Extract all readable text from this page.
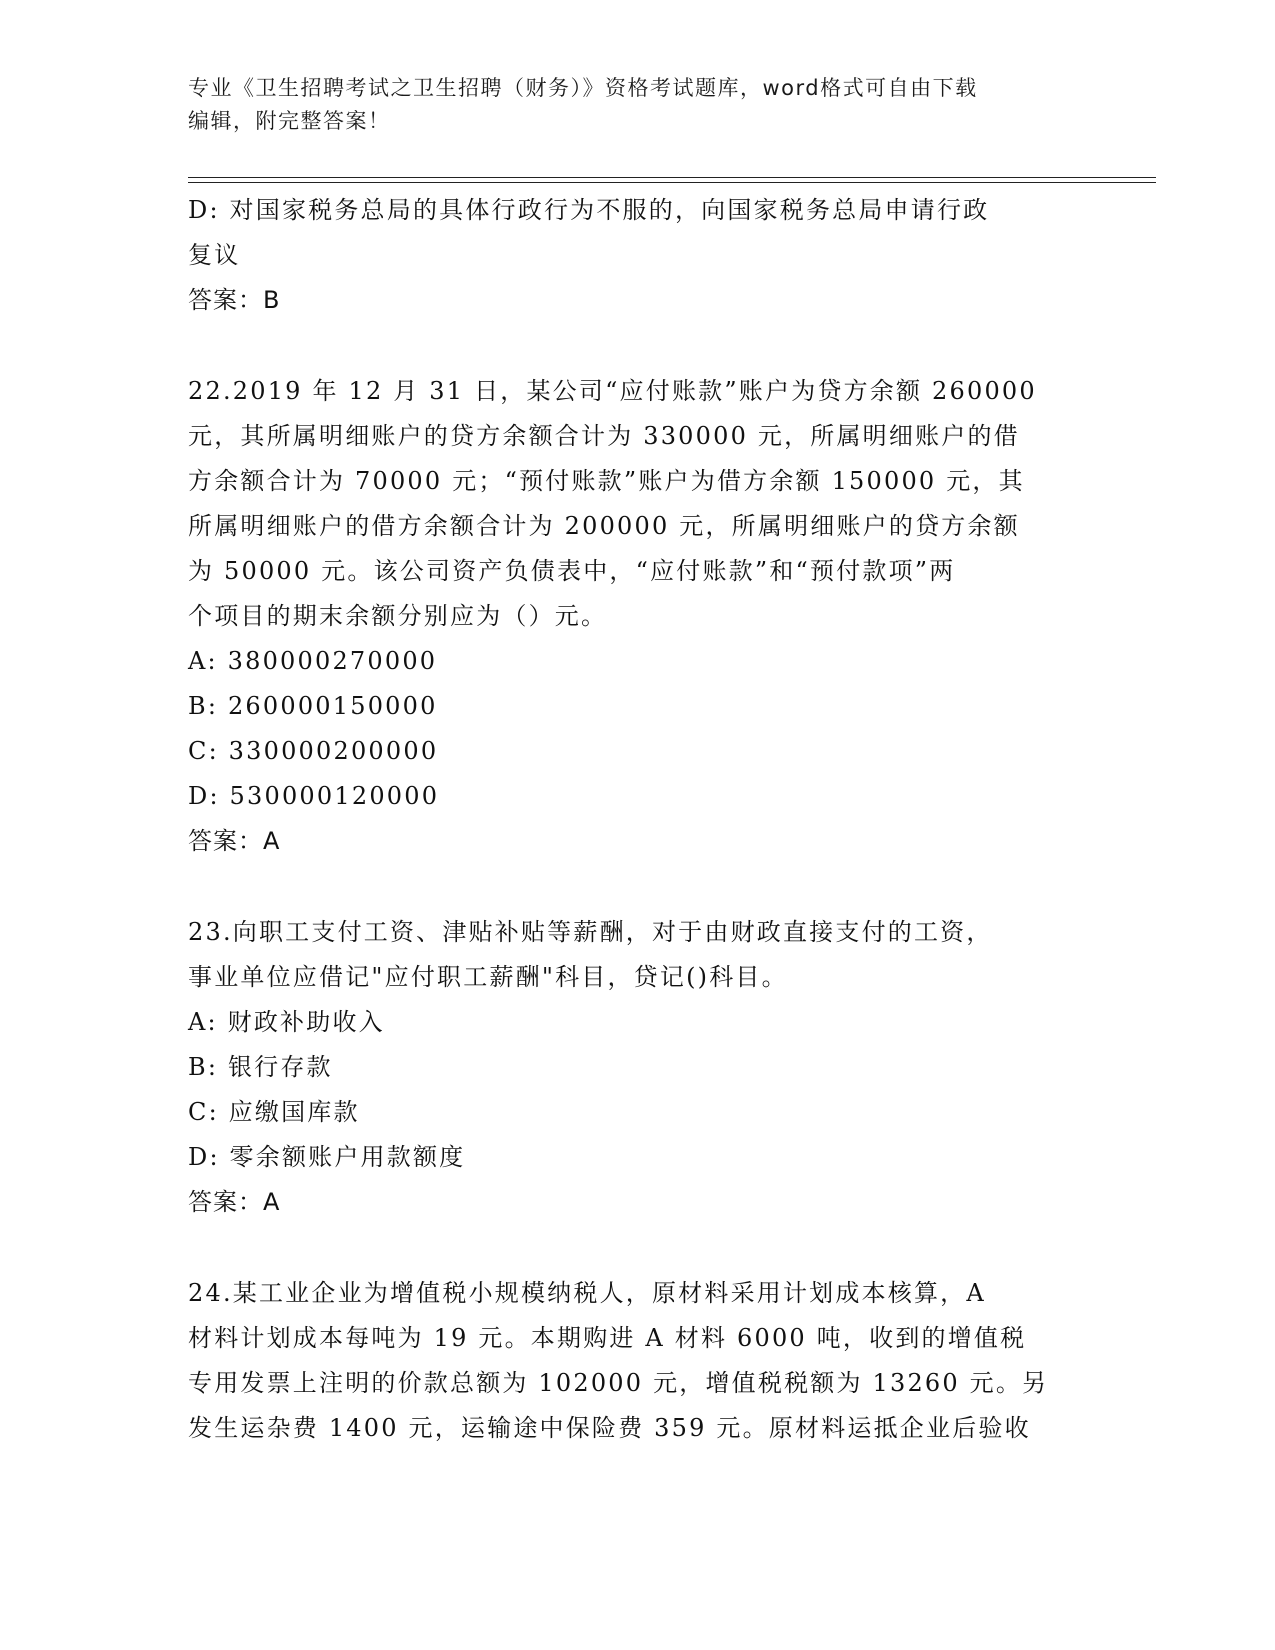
专业《卫生招聘考试之卫生招聘（财务）》资格考试题库，word格式可自由下载
编辑，附完整答案！
D: 对国家税务总局的具体行政行为不服的，向国家税务总局申请行政
复议
答案：B
22.2019 年 12 月 31 日，某公司“应付账款”账户为贷方余额 260000
元，其所属明细账户的贷方余额合计为 330000 元，所属明细账户的借
方余额合计为 70000 元；“预付账款”账户为借方余额 150000 元，其
所属明细账户的借方余额合计为 200000 元，所属明细账户的贷方余额
为 50000 元。该公司资产负债表中，“应付账款”和“预付款项”两
个项目的期末余额分别应为（）元。
A: 380000270000
B: 260000150000
C: 330000200000
D: 530000120000
答案：A
23.向职工支付工资、津贴补贴等薪酬，对于由财政直接支付的工资，
事业单位应借记"应付职工薪酬"科目，贷记()科目。
A: 财政补助收入
B: 银行存款
C: 应缴国库款
D: 零余额账户用款额度
答案：A
24.某工业企业为增值税小规模纳税人，原材料采用计划成本核算，A
材料计划成本每吨为 19 元。本期购进 A 材料 6000 吨，收到的增值税
专用发票上注明的价款总额为 102000 元，增值税税额为 13260 元。另
发生运杂费 1400 元，运输途中保险费 359 元。原材料运抵企业后验收
